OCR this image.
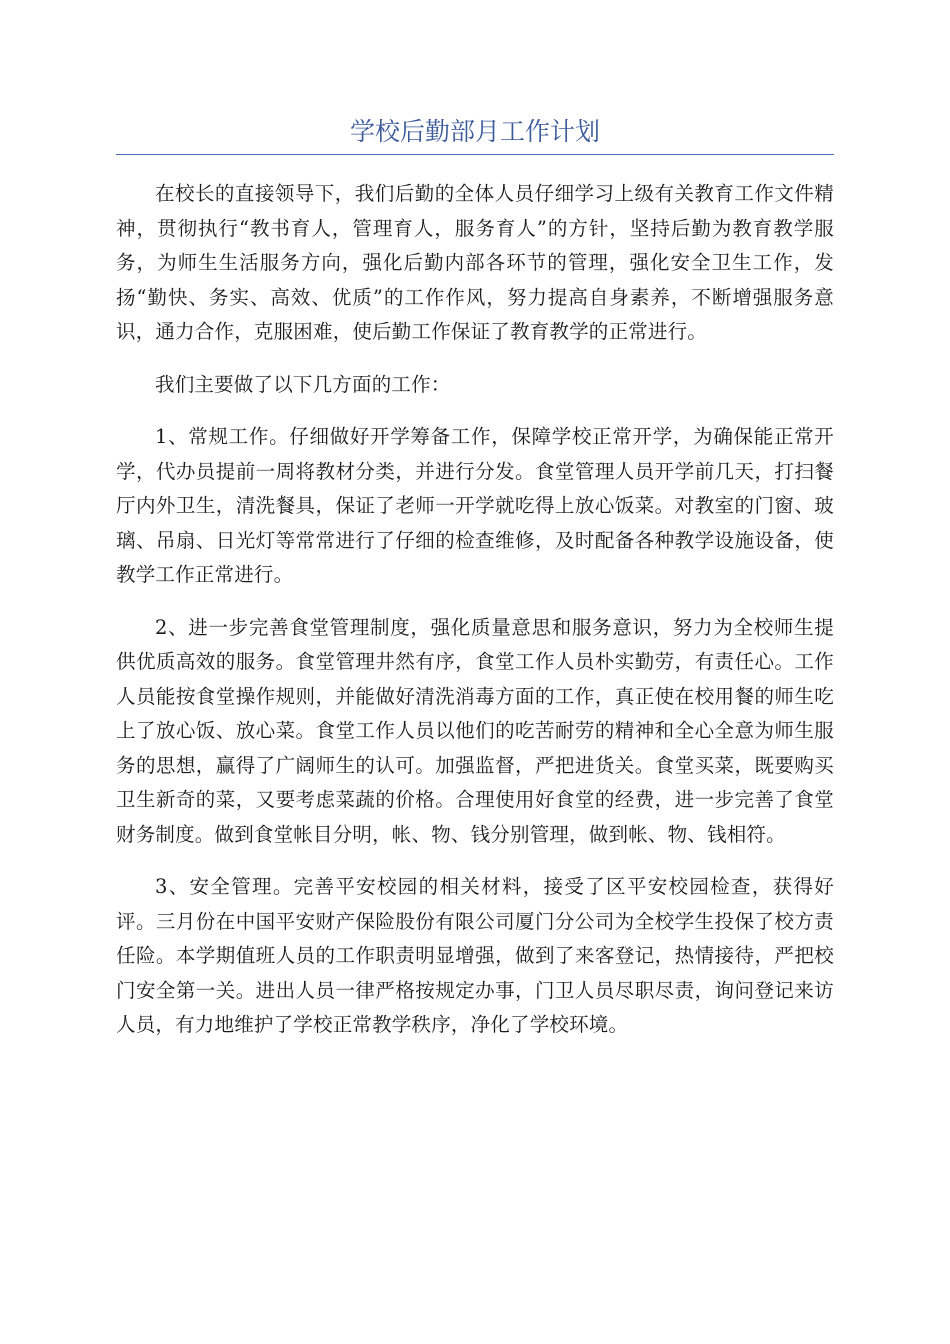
学校后勤部月工作计划

在校长的直接领导下，我们后勤的全体人员仔细学习上级有关教育工作文件精神，贯彻执行“教书育人，管理育人，服务育人”的方针，坚持后勤为教育教学服务，为师生生活服务方向，强化后勤内部各环节的管理，强化安全卫生工作，发扬“勤快、务实、高效、优质”的工作作风，努力提高自身素养，不断增强服务意识，通力合作，克服困难，使后勤工作保证了教育教学的正常进行。

我们主要做了以下几方面的工作：

1、常规工作。仔细做好开学筹备工作，保障学校正常开学，为确保能正常开学，代办员提前一周将教材分类，并进行分发。食堂管理人员开学前几天，打扫餐厅内外卫生，清洗餐具，保证了老师一开学就吃得上放心饭菜。对教室的门窗、玻璃、吊扇、日光灯等常常进行了仔细的检查维修，及时配备各种教学设施设备，使教学工作正常进行。

2、进一步完善食堂管理制度，强化质量意思和服务意识，努力为全校师生提供优质高效的服务。食堂管理井然有序，食堂工作人员朴实勤劳，有责任心。工作人员能按食堂操作规则，并能做好清洗消毒方面的工作，真正使在校用餐的师生吃上了放心饭、放心菜。食堂工作人员以他们的吃苦耐劳的精神和全心全意为师生服务的思想，赢得了广阔师生的认可。加强监督，严把进货关。食堂买菜，既要购买卫生新奇的菜，又要考虑菜蔬的价格。合理使用好食堂的经费，进一步完善了食堂财务制度。做到食堂帐目分明，帐、物、钱分别管理，做到帐、物、钱相符。

3、安全管理。完善平安校园的相关材料，接受了区平安校园检查，获得好评。三月份在中国平安财产保险股份有限公司厦门分公司为全校学生投保了校方责任险。本学期值班人员的工作职责明显增强，做到了来客登记，热情接待，严把校门安全第一关。进出人员一律严格按规定办事，门卫人员尽职尽责，询问登记来访人员，有力地维护了学校正常教学秩序，净化了学校环境。
